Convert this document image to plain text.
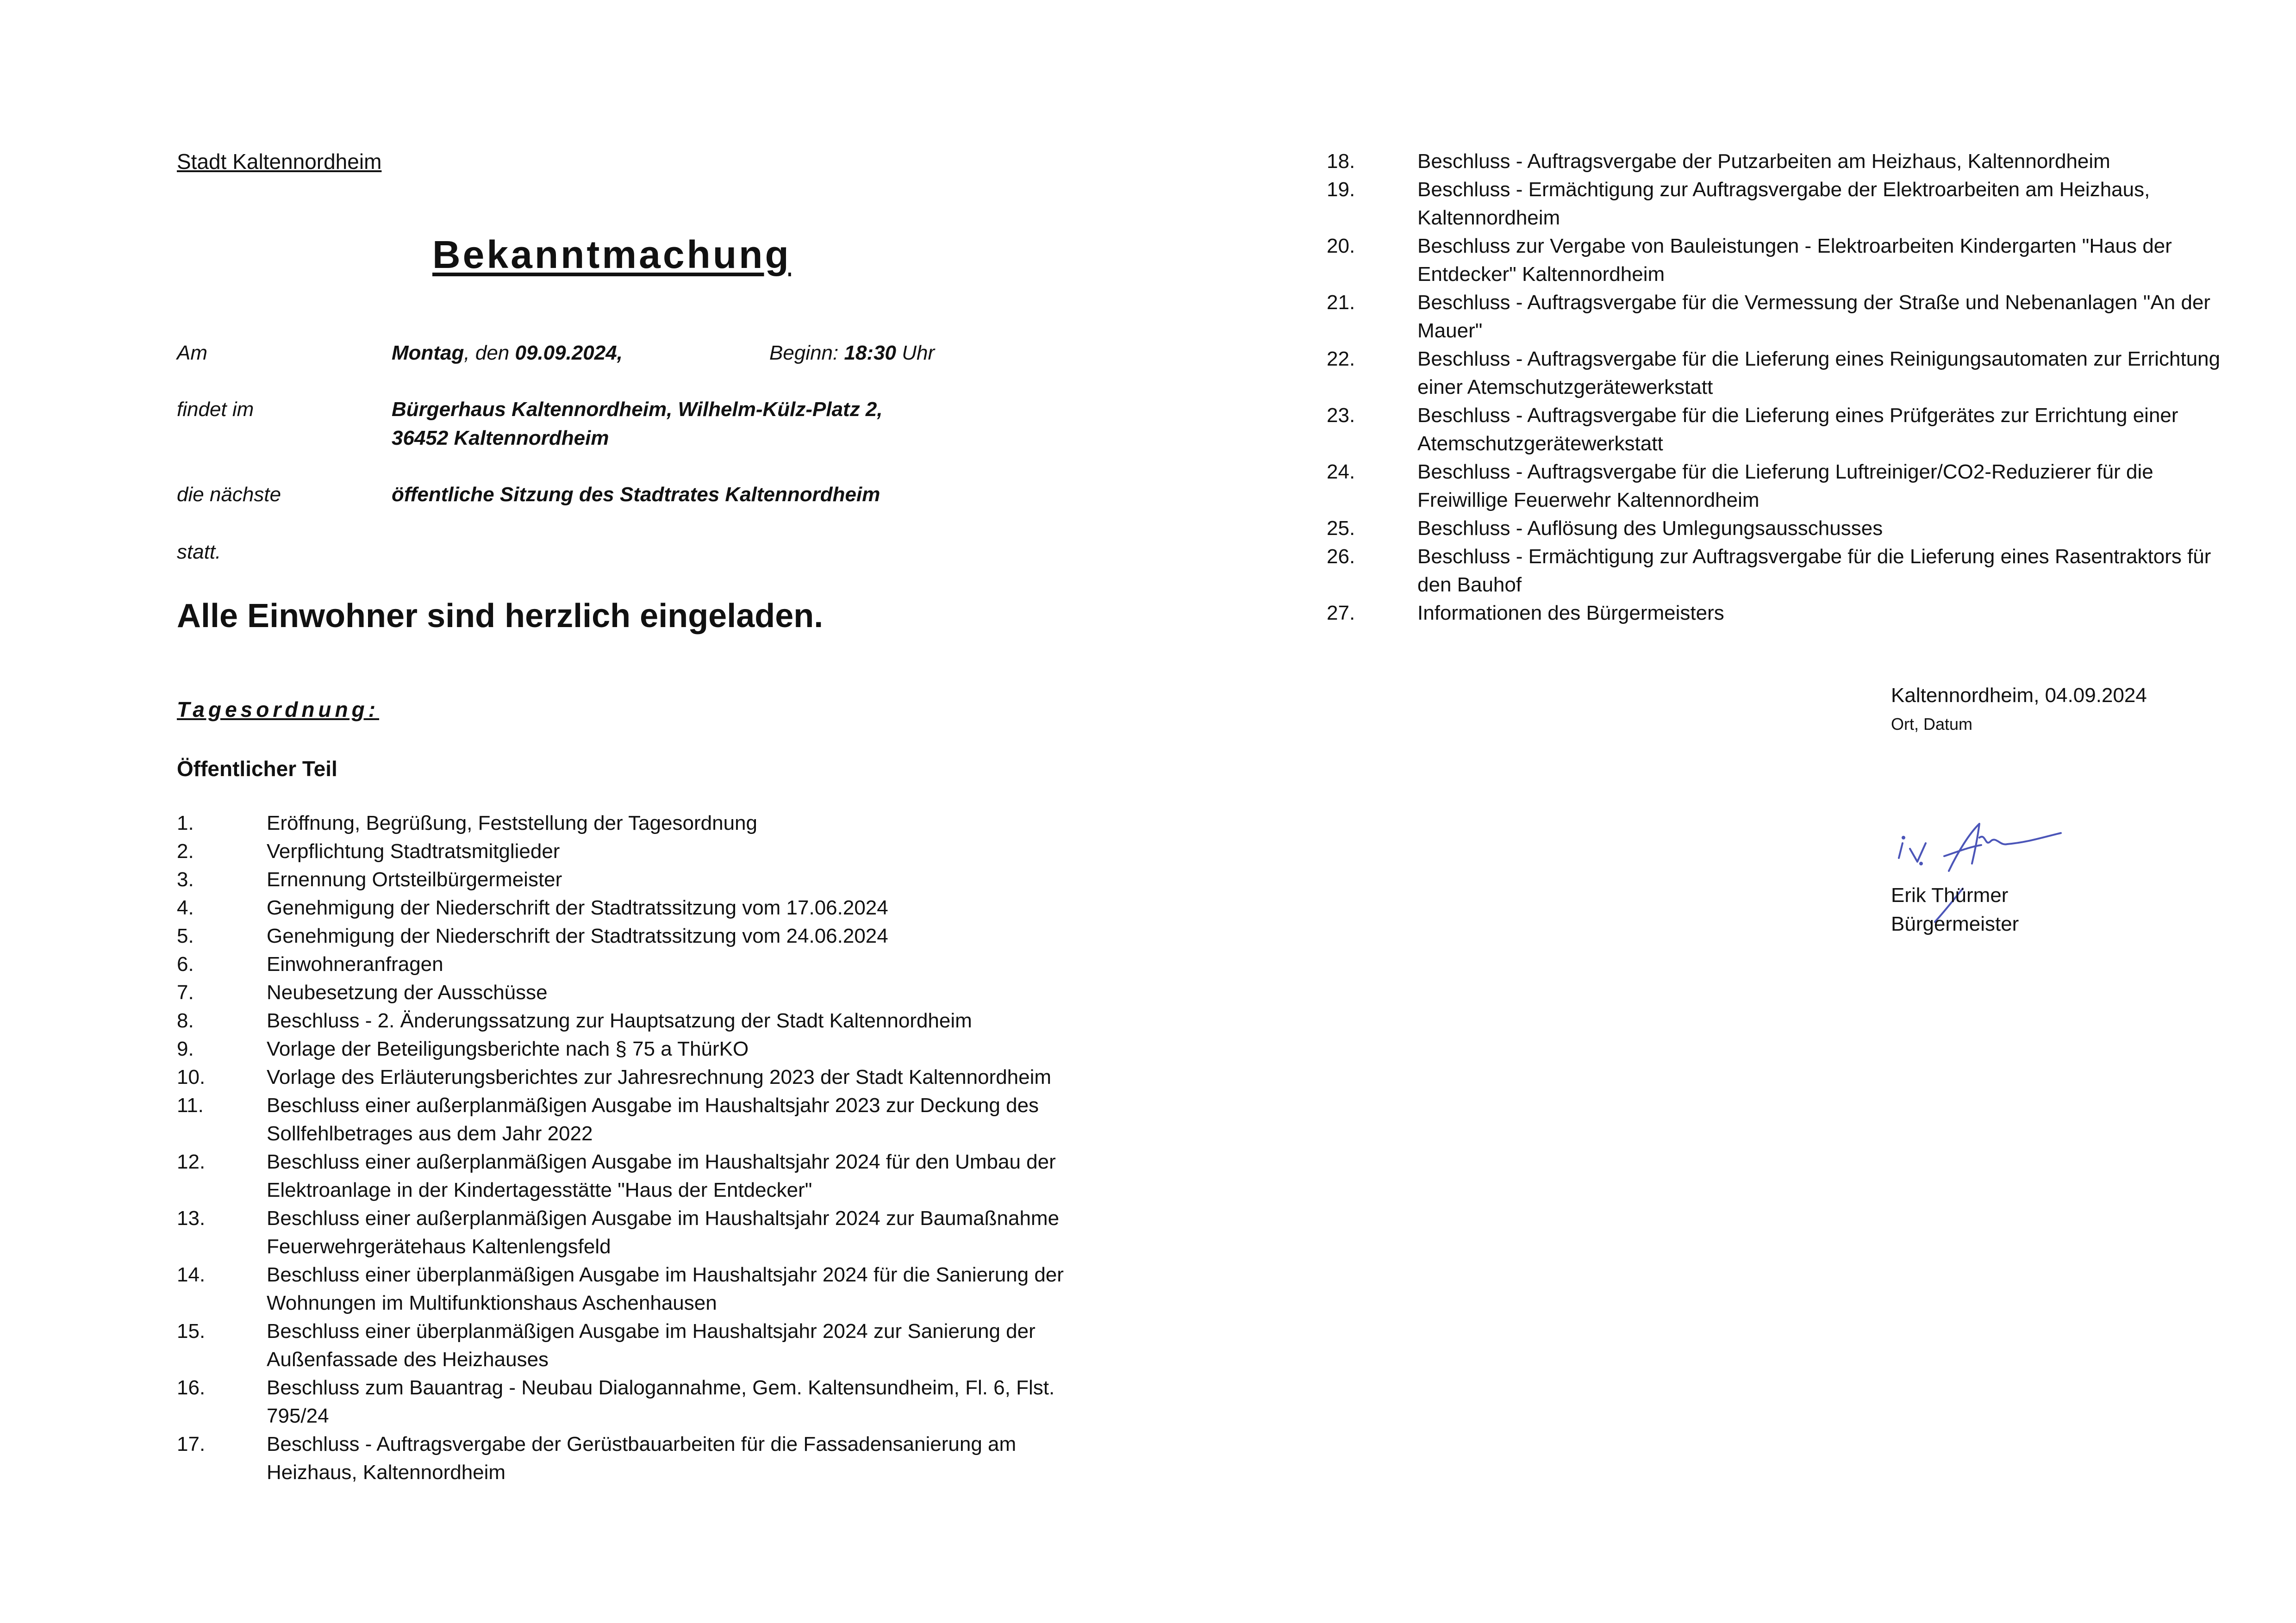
Stadt Kaltennordheim
Bekanntmachung
Am	Montag, den 09.09.2024,	Beginn: 18:30 Uhr
findet im	Bürgerhaus Kaltennordheim, Wilhelm-Külz-Platz 2,
36452 Kaltennordheim
die nächste	öffentliche Sitzung des Stadtrates Kaltennordheim
statt.
Alle Einwohner sind herzlich eingeladen.
Tagesordnung:
Öffentlicher Teil
1.	Eröffnung, Begrüßung, Feststellung der Tagesordnung
2.	Verpflichtung Stadtratsmitglieder
3.	Ernennung Ortsteilbürgermeister
4.	Genehmigung der Niederschrift der Stadtratssitzung vom 17.06.2024
5.	Genehmigung der Niederschrift der Stadtratssitzung vom 24.06.2024
6.	Einwohneranfragen
7.	Neubesetzung der Ausschüsse
8.	Beschluss - 2. Änderungssatzung zur Hauptsatzung der Stadt Kaltennordheim
9.	Vorlage der Beteiligungsberichte nach § 75 a ThürKO
10.	Vorlage des Erläuterungsberichtes zur Jahresrechnung 2023 der Stadt Kaltennordheim
11.	Beschluss einer außerplanmäßigen Ausgabe im Haushaltsjahr 2023 zur Deckung des Sollfehlbetrages aus dem Jahr 2022
12.	Beschluss einer außerplanmäßigen Ausgabe im Haushaltsjahr 2024 für den Umbau der Elektroanlage in der Kindertagesstätte "Haus der Entdecker"
13.	Beschluss einer außerplanmäßigen Ausgabe im Haushaltsjahr 2024 zur Baumaßnahme Feuerwehrgerätehaus Kaltenlengsfeld
14.	Beschluss einer überplanmäßigen Ausgabe im Haushaltsjahr 2024 für die Sanierung der Wohnungen im Multifunktionshaus Aschenhausen
15.	Beschluss einer überplanmäßigen Ausgabe im Haushaltsjahr 2024 zur Sanierung der Außenfassade des Heizhauses
16.	Beschluss zum Bauantrag - Neubau Dialogannahme, Gem. Kaltensundheim, Fl. 6, Flst. 795/24
17.	Beschluss - Auftragsvergabe der Gerüstbauarbeiten für die Fassadensanierung am Heizhaus, Kaltennordheim
18.	Beschluss - Auftragsvergabe der Putzarbeiten am Heizhaus, Kaltennordheim
19.	Beschluss - Ermächtigung zur Auftragsvergabe der Elektroarbeiten am Heizhaus, Kaltennordheim
20.	Beschluss zur Vergabe von Bauleistungen - Elektroarbeiten Kindergarten "Haus der Entdecker" Kaltennordheim
21.	Beschluss - Auftragsvergabe für die Vermessung der Straße und Nebenanlagen "An der Mauer"
22.	Beschluss - Auftragsvergabe für die Lieferung eines Reinigungsautomaten zur Errichtung einer Atemschutzgerätewerkstatt
23.	Beschluss - Auftragsvergabe für die Lieferung eines Prüfgerätes zur Errichtung einer Atemschutzgerätewerkstatt
24.	Beschluss - Auftragsvergabe für die Lieferung Luftreiniger/CO2-Reduzierer für die Freiwillige Feuerwehr Kaltennordheim
25.	Beschluss - Auflösung des Umlegungsausschusses
26.	Beschluss - Ermächtigung zur Auftragsvergabe für die Lieferung eines Rasentraktors für den Bauhof
27.	Informationen des Bürgermeisters
Kaltennordheim, 04.09.2024
Ort, Datum
Erik Thürmer
Bürgermeister
